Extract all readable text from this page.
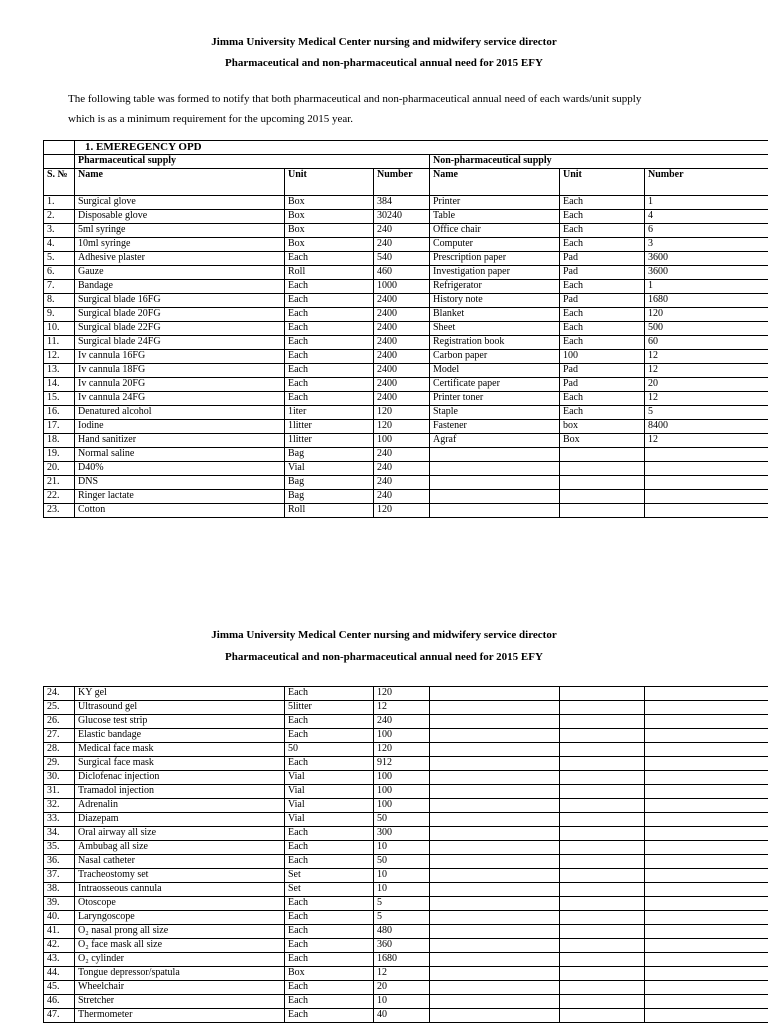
Jimma University Medical Center nursing and midwifery service director
Pharmaceutical and non-pharmaceutical annual need for 2015 EFY
The following table was formed to notify that both pharmaceutical and non-pharmaceutical annual need of each wards/unit supply
which is as a minimum requirement for the upcoming 2015 year.
	1. EMEREGENCY OPD					
	Pharmaceutical supply			Non-pharmaceutical supply		
S. №	Name	Unit	Number	Name	Unit	Number
1.	Surgical glove	Box	384	Printer	Each	1
2.	Disposable glove	Box	30240	Table	Each	4
3.	5ml syringe	Box	240	Office chair	Each	6
4.	10ml syringe	Box	240	Computer	Each	3
5.	Adhesive plaster	Each	540	Prescription paper	Pad	3600
6.	Gauze	Roll	460	Investigation paper	Pad	3600
7.	Bandage	Each	1000	Refrigerator	Each	1
8.	Surgical blade 16FG	Each	2400	History note	Pad	1680
9.	Surgical blade 20FG	Each	2400	Blanket	Each	120
10.	Surgical blade 22FG	Each	2400	Sheet	Each	500
11.	Surgical blade 24FG	Each	2400	Registration book	Each	60
12.	Iv cannula 16FG	Each	2400	Carbon paper	100	12
13.	Iv cannula 18FG	Each	2400	Model	Pad	12
14.	Iv cannula 20FG	Each	2400	Certificate paper	Pad	20
15.	Iv cannula 24FG	Each	2400	Printer toner	Each	12
16.	Denatured alcohol	1iter	120	Staple	Each	5
17.	Iodine	1litter	120	Fastener	box	8400
18.	Hand sanitizer	1litter	100	Agraf	Box	12
19.	Normal saline	Bag	240			
20.	D40%	Vial	240			
21.	DNS	Bag	240			
22.	Ringer lactate	Bag	240			
23.	Cotton	Roll	120			
Jimma University Medical Center nursing and midwifery service director
Pharmaceutical and non-pharmaceutical annual need for 2015 EFY
24.	KY gel	Each	120			
25.	Ultrasound gel	5litter	12			
26.	Glucose test strip	Each	240			
27.	Elastic bandage	Each	100			
28.	Medical face mask	50	120			
29.	Surgical face mask	Each	912			
30.	Diclofenac injection	Vial	100			
31.	Tramadol injection	Vial	100			
32.	Adrenalin	Vial	100			
33.	Diazepam	Vial	50			
34.	Oral airway all size	Each	300			
35.	Ambubag all size	Each	10			
36.	Nasal catheter	Each	50			
37.	Tracheostomy set	Set	10			
38.	Intraosseous cannula	Set	10			
39.	Otoscope	Each	5			
40.	Laryngoscope	Each	5			
41.	O₂ nasal prong all size	Each	480			
42.	O₂ face mask all size	Each	360			
43.	O₂ cylinder	Each	1680			
44.	Tongue depressor/spatula	Box	12			
45.	Wheelchair	Each	20			
46.	Stretcher	Each	10			
47.	Thermometer	Each	40			
